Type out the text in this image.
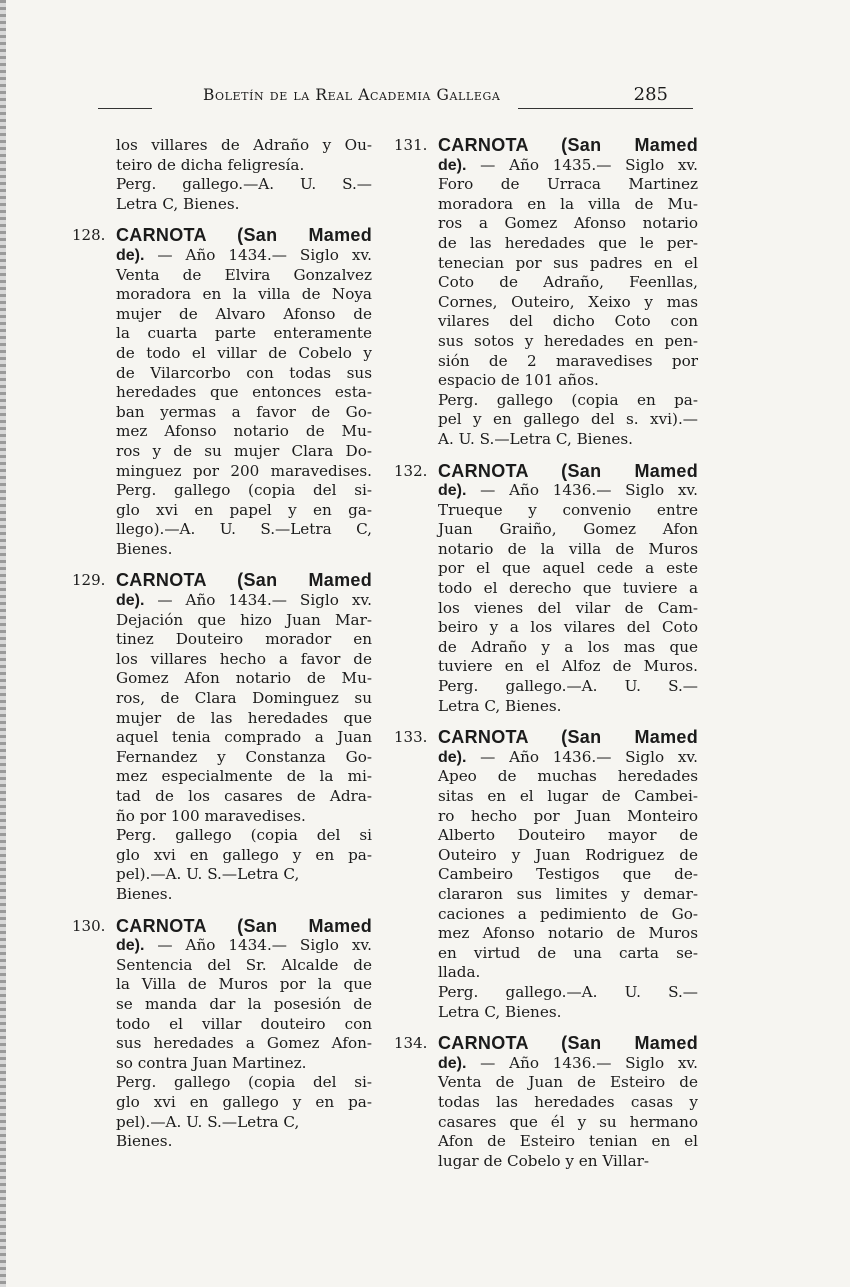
Boletín de la Real Academia Gallega	285
los villares de Adraño y Ou-
teiro de dicha feligresía.
Perg. gallego.—A. U. S.—
Letra C, Bienes.
128. CARNOTA (San Mamed
de). — Año 1434.— Siglo xv.
Venta de Elvira Gonzalvez
moradora en la villa de Noya
mujer de Alvaro Afonso de
la cuarta parte enteramente
de todo el villar de Cobelo y
de Vilarcorbo con todas sus
heredades que entonces esta-
ban yermas a favor de Go-
mez Afonso notario de Mu-
ros y de su mujer Clara Do-
minguez por 200 maravedises.
Perg. gallego (copia del si-
glo xvi en papel y en ga-
llego).—A. U. S.—Letra C,
Bienes.
129. CARNOTA (San Mamed
de). — Año 1434.— Siglo xv.
Dejación que hizo Juan Mar-
tinez Douteiro morador en
los villares hecho a favor de
Gomez Afon notario de Mu-
ros, de Clara Dominguez su
mujer de las heredades que
aquel tenia comprado a Juan
Fernandez y Constanza Go-
mez especialmente de la mi-
tad de los casares de Adra-
ño por 100 maravedises.
Perg. gallego (copia del si
glo xvi en gallego y en pa-
pel).—A. U. S.—Letra C,
Bienes.
130. CARNOTA (San Mamed
de). — Año 1434.— Siglo xv.
Sentencia del Sr. Alcalde de
la Villa de Muros por la que
se manda dar la posesión de
todo el villar douteiro con
sus heredades a Gomez Afon-
so contra Juan Martinez.
Perg. gallego (copia del si-
glo xvi en gallego y en pa-
pel).—A. U. S.—Letra C,
Bienes.
131. CARNOTA (San Mamed
de). — Año 1435.— Siglo xv.
Foro de Urraca Martinez
moradora en la villa de Mu-
ros a Gomez Afonso notario
de las heredades que le per-
tenecian por sus padres en el
Coto de Adraño, Feenllas,
Cornes, Outeiro, Xeixo y mas
vilares del dicho Coto con
sus sotos y heredades en pen-
sión de 2 maravedises por
espacio de 101 años.
Perg. gallego (copia en pa-
pel y en gallego del s. xvi).—
A. U. S.—Letra C, Bienes.
132. CARNOTA (San Mamed
de). — Año 1436.— Siglo xv.
Trueque y convenio entre
Juan Graiño, Gomez Afon
notario de la villa de Muros
por el que aquel cede a este
todo el derecho que tuviere a
los vienes del vilar de Cam-
beiro y a los vilares del Coto
de Adraño y a los mas que
tuviere en el Alfoz de Muros.
Perg. gallego.—A. U. S.—
Letra C, Bienes.
133. CARNOTA (San Mamed
de). — Año 1436.— Siglo xv.
Apeo de muchas heredades
sitas en el lugar de Cambei-
ro hecho por Juan Monteiro
Alberto Douteiro mayor de
Outeiro y Juan Rodriguez de
Cambeiro Testigos que de-
clararon sus limites y demar-
caciones a pedimiento de Go-
mez Afonso notario de Muros
en virtud de una carta se-
llada.
Perg. gallego.—A. U. S.—
Letra C, Bienes.
134. CARNOTA (San Mamed
de). — Año 1436.— Siglo xv.
Venta de Juan de Esteiro de
todas las heredades casas y
casares que él y su hermano
Afon de Esteiro tenian en el
lugar de Cobelo y en Villar-
